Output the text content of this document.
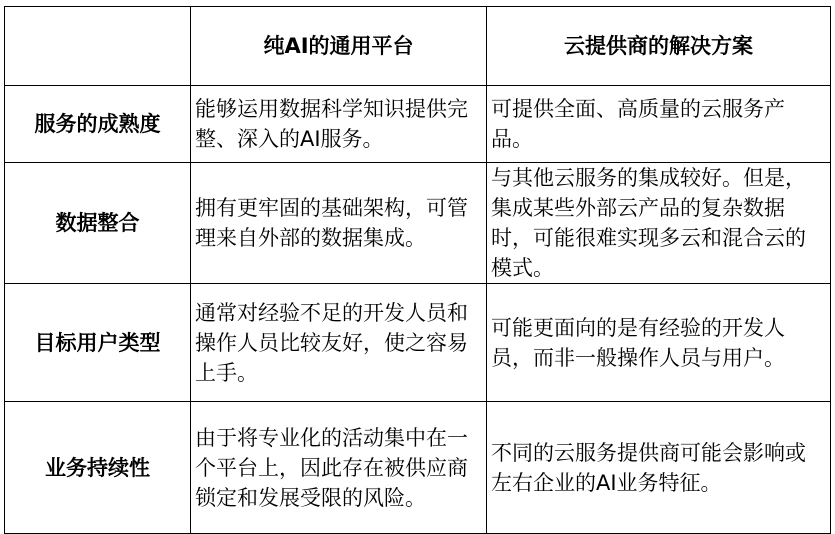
	纯AI的通用平台	云提供商的解决方案
服务的成熟度	能够运用数据科学知识提供完整、深入的AI服务。	可提供全面、高质量的云服务产品。
数据整合	拥有更牢固的基础架构，可管理来自外部的数据集成。	与其他云服务的集成较好。但是，集成某些外部云产品的复杂数据时，可能很难实现多云和混合云的模式。
目标用户类型	通常对经验不足的开发人员和操作人员比较友好，使之容易上手。	可能更面向的是有经验的开发人员，而非一般操作人员与用户。
业务持续性	由于将专业化的活动集中在一个平台上，因此存在被供应商锁定和发展受限的风险。	不同的云服务提供商可能会影响或左右企业的AI业务特征。
